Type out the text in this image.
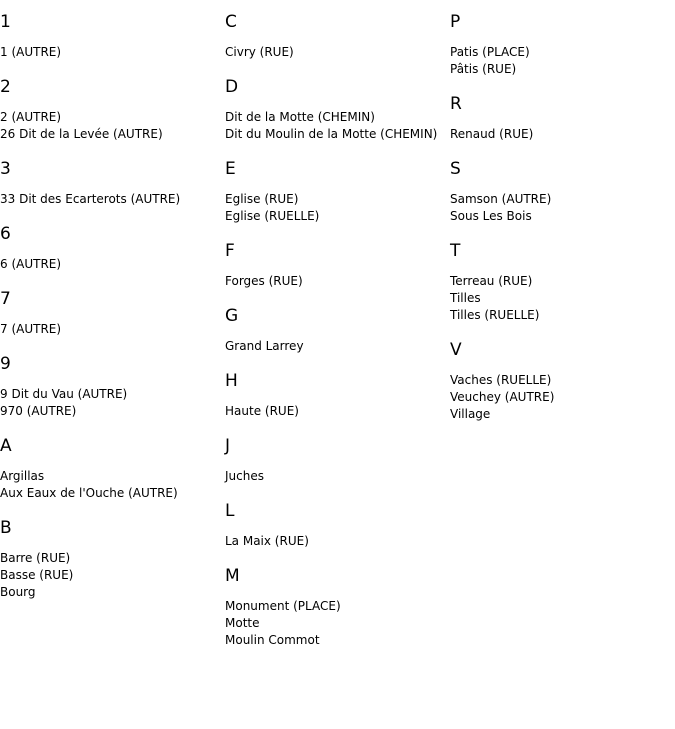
1
1 (AUTRE)
2
2 (AUTRE)
26 Dit de la Levée (AUTRE)
3
33 Dit des Ecarterots (AUTRE)
6
6 (AUTRE)
7
7 (AUTRE)
9
9 Dit du Vau (AUTRE)
970 (AUTRE)
A
Argillas
Aux Eaux de l'Ouche (AUTRE)
B
Barre (RUE)
Basse (RUE)
Bourg
C
Civry (RUE)
D
Dit de la Motte (CHEMIN)
Dit du Moulin de la Motte (CHEMIN)
E
Eglise (RUE)
Eglise (RUELLE)
F
Forges (RUE)
G
Grand Larrey
H
Haute (RUE)
J
Juches
L
La Maix (RUE)
M
Monument (PLACE)
Motte
Moulin Commot
P
Patis (PLACE)
Pâtis (RUE)
R
Renaud (RUE)
S
Samson (AUTRE)
Sous Les Bois
T
Terreau (RUE)
Tilles
Tilles (RUELLE)
V
Vaches (RUELLE)
Veuchey (AUTRE)
Village
